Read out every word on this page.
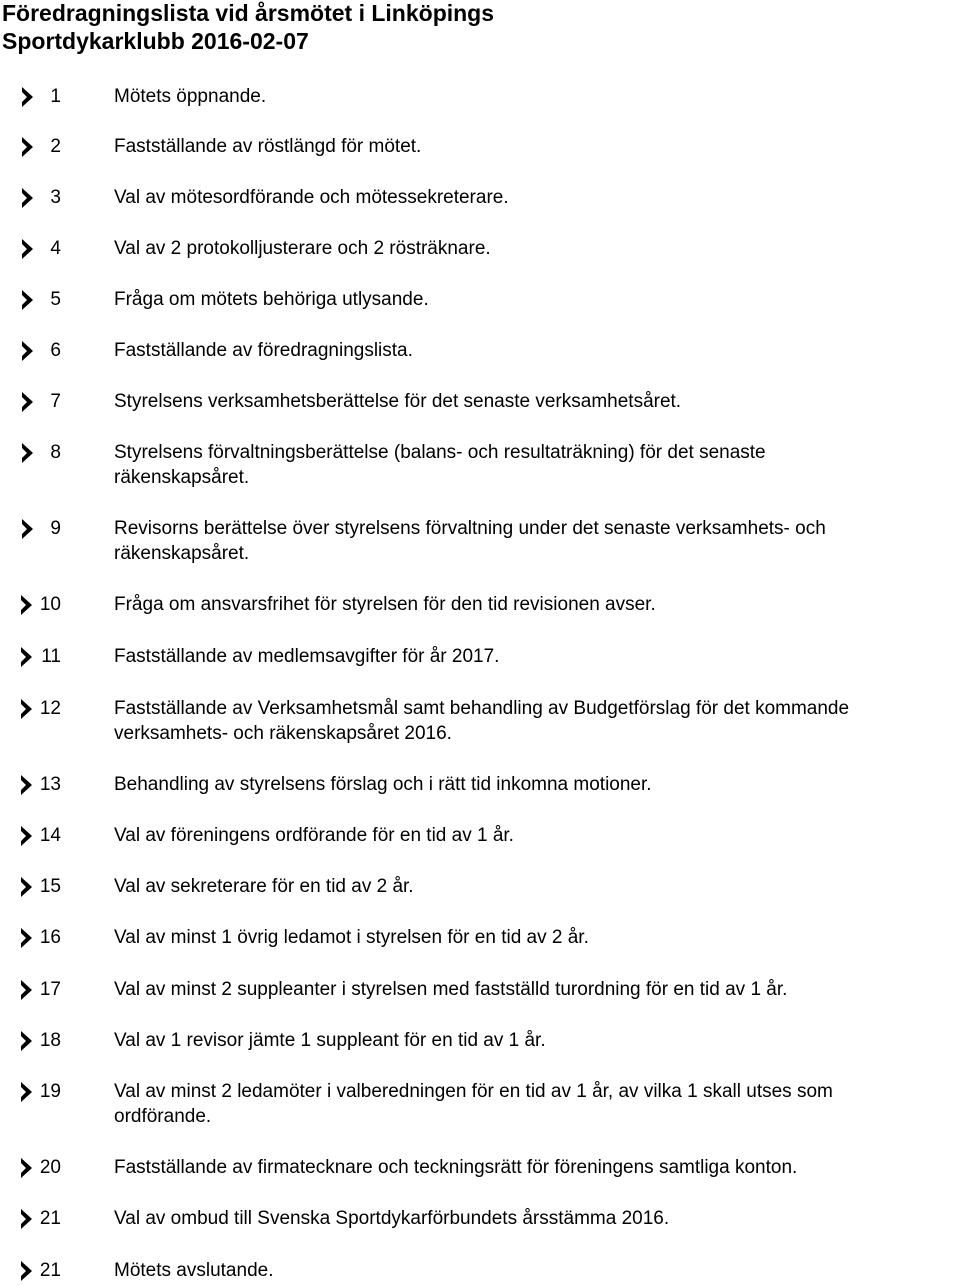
Föredragningslista vid årsmötet i Linköpings
Sportdykarklubb 2016-02-07
1	Mötets öppnande.
2	Fastställande av röstlängd för mötet.
3	Val av mötesordförande och mötessekreterare.
4	Val av 2 protokolljusterare och 2 rösträknare.
5	Fråga om mötets behöriga utlysande.
6	Fastställande av föredragningslista.
7	Styrelsens verksamhetsberättelse för det senaste verksamhetsåret.
8	Styrelsens förvaltningsberättelse (balans- och resultaträkning) för det senaste
räkenskapsåret.
9	Revisorns berättelse över styrelsens förvaltning under det senaste verksamhets- och
räkenskapsåret.
10	Fråga om ansvarsfrihet för styrelsen för den tid revisionen avser.
11	Fastställande av medlemsavgifter för år 2017.
12	Fastställande av Verksamhetsmål samt behandling av Budgetförslag för det kommande
verksamhets- och räkenskapsåret 2016.
13	Behandling av styrelsens förslag och i rätt tid inkomna motioner.
14	Val av föreningens ordförande för en tid av 1 år.
15	Val av sekreterare för en tid av 2 år.
16	Val av minst 1 övrig ledamot i styrelsen för en tid av 2 år.
17	Val av minst 2 suppleanter i styrelsen med fastställd turordning för en tid av 1 år.
18	Val av 1 revisor jämte 1 suppleant för en tid av 1 år.
19	Val av minst 2 ledamöter i valberedningen för en tid av 1 år, av vilka 1 skall utses som
ordförande.
20	Fastställande av firmatecknare och teckningsrätt för föreningens samtliga konton.
21	Val av ombud till Svenska Sportdykarförbundets årsstämma 2016.
21	Mötets avslutande.
